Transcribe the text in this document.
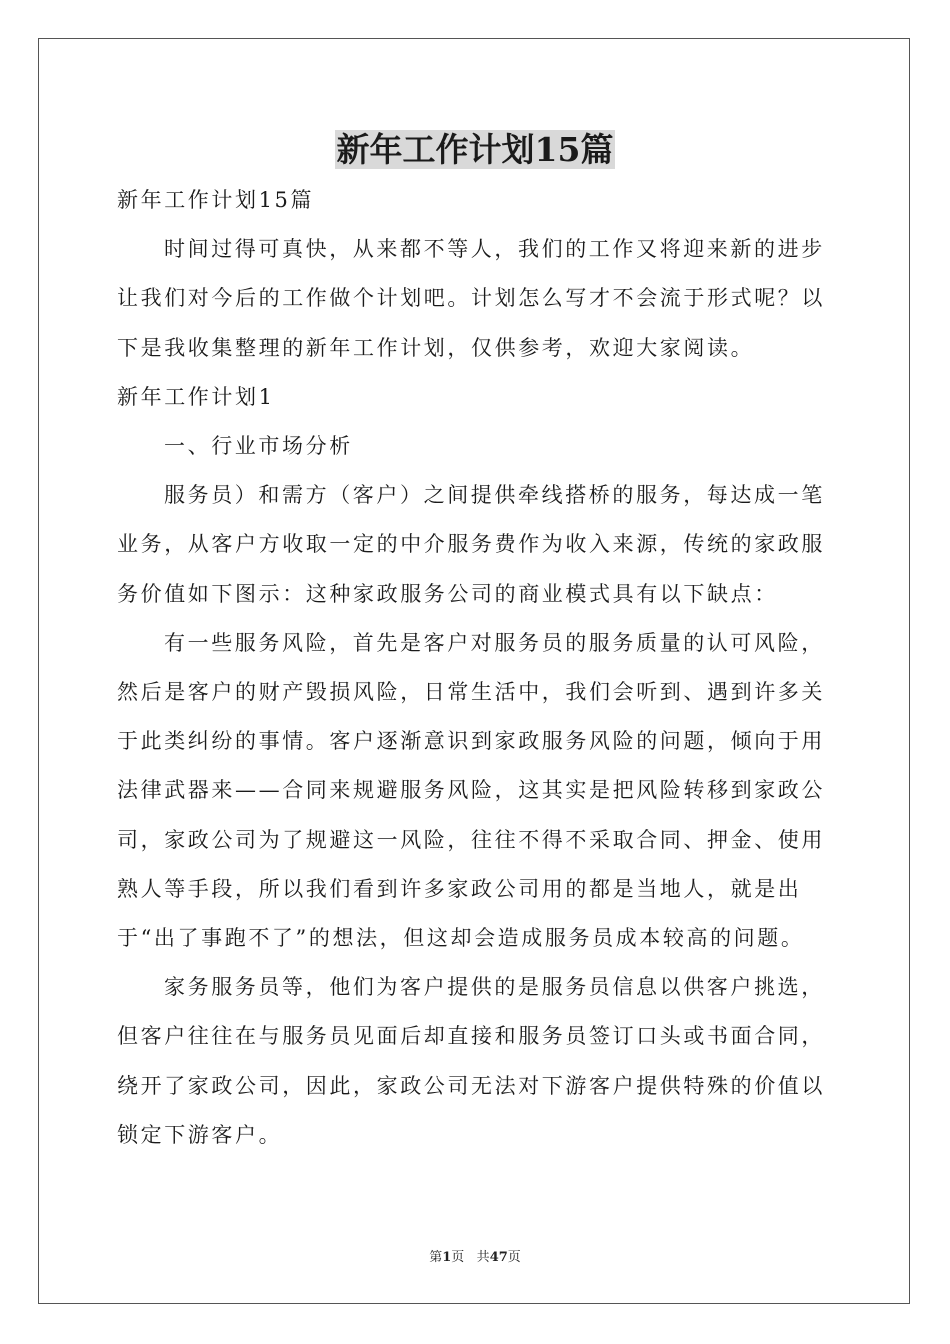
新年工作计划15篇

新年工作计划15篇

时间过得可真快，从来都不等人，我们的工作又将迎来新的进步让我们对今后的工作做个计划吧。计划怎么写才不会流于形式呢？以下是我收集整理的新年工作计划，仅供参考，欢迎大家阅读。

新年工作计划1

一、行业市场分析

服务员）和需方（客户）之间提供牵线搭桥的服务，每达成一笔业务，从客户方收取一定的中介服务费作为收入来源，传统的家政服务价值如下图示：这种家政服务公司的商业模式具有以下缺点：

有一些服务风险，首先是客户对服务员的服务质量的认可风险，然后是客户的财产毁损风险，日常生活中，我们会听到、遇到许多关于此类纠纷的事情。客户逐渐意识到家政服务风险的问题，倾向于用法律武器来——合同来规避服务风险，这其实是把风险转移到家政公司，家政公司为了规避这一风险，往往不得不采取合同、押金、使用熟人等手段，所以我们看到许多家政公司用的都是当地人，就是出于“出了事跑不了”的想法，但这却会造成服务员成本较高的问题。

家务服务员等，他们为客户提供的是服务员信息以供客户挑选，但客户往往在与服务员见面后却直接和服务员签订口头或书面合同，绕开了家政公司，因此，家政公司无法对下游客户提供特殊的价值以锁定下游客户。

第1页 共47页
